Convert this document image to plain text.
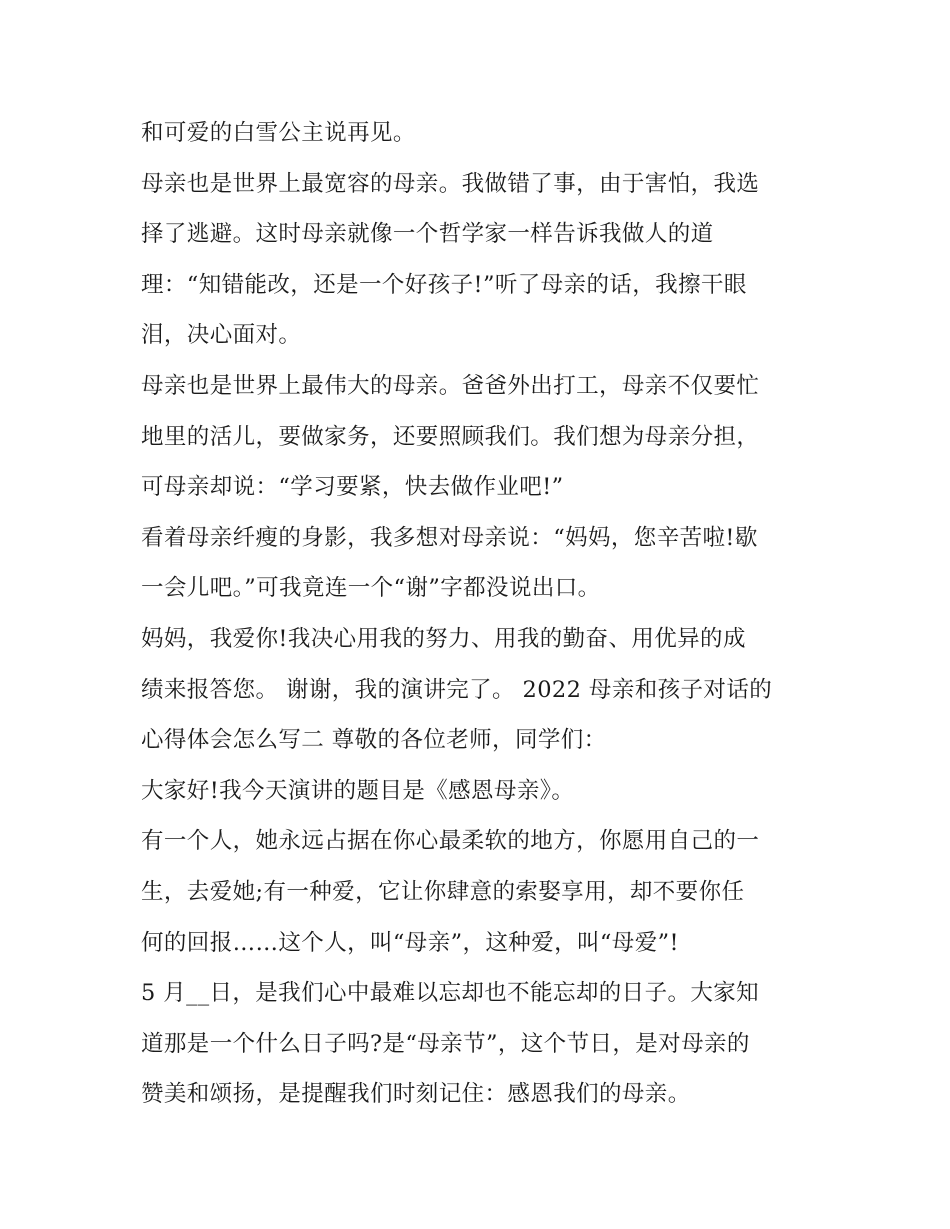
和可爱的白雪公主说再见。
母亲也是世界上最宽容的母亲。我做错了事，由于害怕，我选
择了逃避。这时母亲就像一个哲学家一样告诉我做人的道
理：“知错能改，还是一个好孩子!”听了母亲的话，我擦干眼
泪，决心面对。
母亲也是世界上最伟大的母亲。爸爸外出打工，母亲不仅要忙
地里的活儿，要做家务，还要照顾我们。我们想为母亲分担，
可母亲却说：“学习要紧，快去做作业吧!”
看着母亲纤瘦的身影，我多想对母亲说：“妈妈，您辛苦啦!歇
一会儿吧。”可我竟连一个“谢”字都没说出口。
妈妈，我爱你!我决心用我的努力、用我的勤奋、用优异的成
绩来报答您。 谢谢，我的演讲完了。 2022 母亲和孩子对话的
心得体会怎么写二 尊敬的各位老师，同学们：
大家好!我今天演讲的题目是《感恩母亲》。
有一个人，她永远占据在你心最柔软的地方，你愿用自己的一
生，去爱她;有一种爱，它让你肆意的索娶享用，却不要你任
何的回报……这个人，叫“母亲”，这种爱，叫“母爱”!
5 月__日，是我们心中最难以忘却也不能忘却的日子。大家知
道那是一个什么日子吗?是“母亲节”，这个节日，是对母亲的
赞美和颂扬，是提醒我们时刻记住：感恩我们的母亲。
